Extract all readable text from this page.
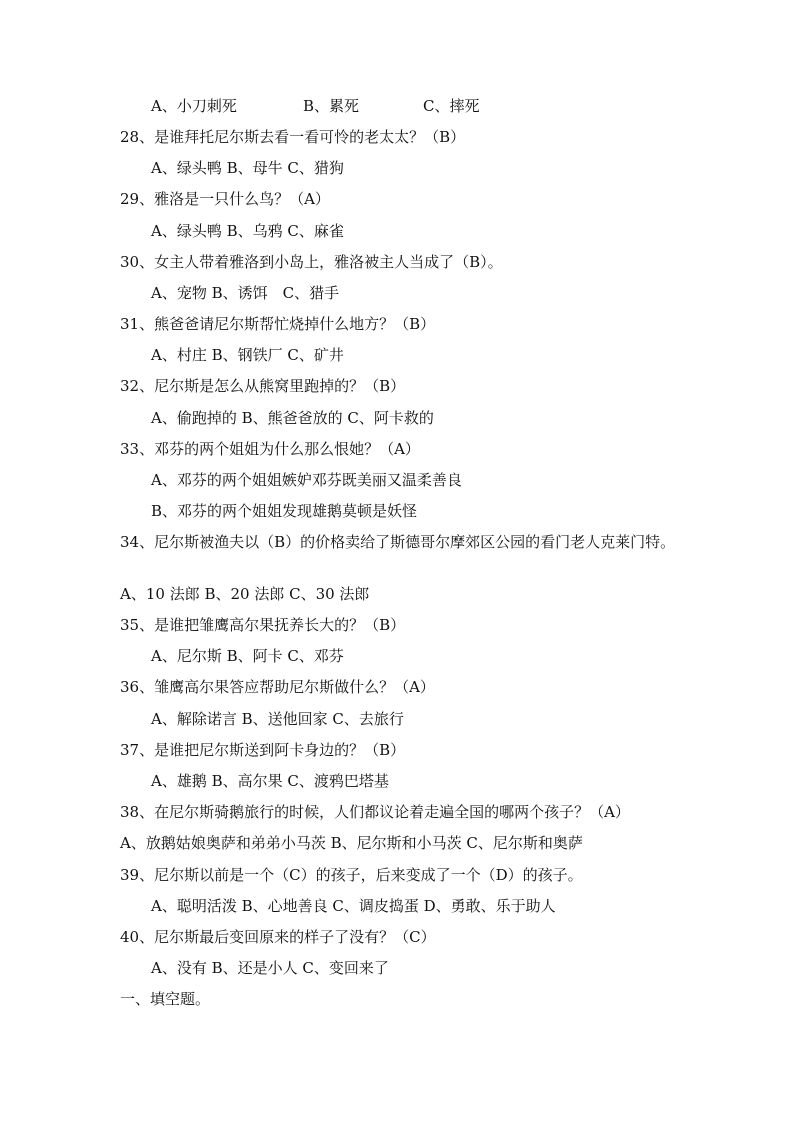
A、小刀刺死	B、累死	C、摔死
28、是谁拜托尼尔斯去看一看可怜的老太太？（B）
A、绿头鸭 B、母牛 C、猎狗
29、雅洛是一只什么鸟？（A）
A、绿头鸭 B、乌鸦 C、麻雀
30、女主人带着雅洛到小岛上，雅洛被主人当成了（B）。
A、宠物 B、诱饵　C、猎手
31、熊爸爸请尼尔斯帮忙烧掉什么地方？（B）
A、村庄 B、钢铁厂 C、矿井
32、尼尔斯是怎么从熊窝里跑掉的？（B）
A、偷跑掉的 B、熊爸爸放的 C、阿卡救的
33、邓芬的两个姐姐为什么那么恨她？（A）
A、邓芬的两个姐姐嫉妒邓芬既美丽又温柔善良
B、邓芬的两个姐姐发现雄鹅莫顿是妖怪
34、尼尔斯被渔夫以（B）的价格卖给了斯德哥尔摩郊区公园的看门老人克莱门特。
A、10 法郎 B、20 法郎 C、30 法郎
35、是谁把雏鹰高尔果抚养长大的？（B）
A、尼尔斯 B、阿卡 C、邓芬
36、雏鹰高尔果答应帮助尼尔斯做什么？（A）
A、解除诺言 B、送他回家 C、去旅行
37、是谁把尼尔斯送到阿卡身边的？（B）
A、雄鹅 B、高尔果 C、渡鸦巴塔基
38、在尼尔斯骑鹅旅行的时候，人们都议论着走遍全国的哪两个孩子？（A）
A、放鹅姑娘奥萨和弟弟小马茨 B、尼尔斯和小马茨 C、尼尔斯和奥萨
39、尼尔斯以前是一个（C）的孩子，后来变成了一个（D）的孩子。
A、聪明活泼 B、心地善良 C、调皮捣蛋 D、勇敢、乐于助人
40、尼尔斯最后变回原来的样子了没有？（C）
A、没有 B、还是小人 C、变回来了
一、填空题。
